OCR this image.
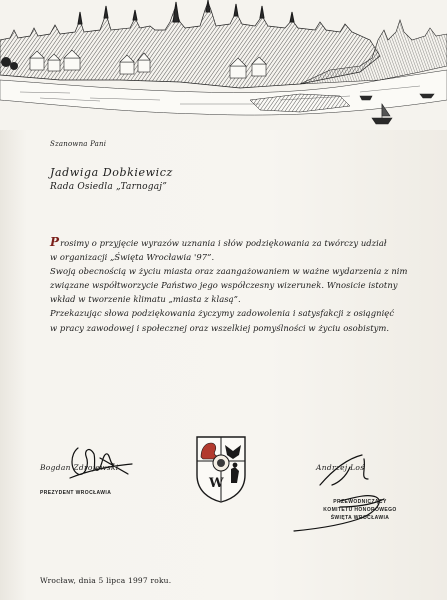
Szanowna Pani
Jadwiga Dobkiewicz
Rada Osiedla „Tarnogaj”
Prosimy o przyjęcie wyrazów uznania i słów podziękowania za twórczy udział
w organizacji „Święta Wrocławia '97”.
Swoją obecnością w życiu miasta oraz zaangażowaniem w ważne wydarzenia z nim
związane współtworzycie Państwo jego współczesny wizerunek. Wnosicie istotny
wkład w tworzenie klimatu „miasta z klasą”.
Przekazując słowa podziękowania życzymy zadowolenia i satysfakcji z osiągnięć
w pracy zawodowej i społecznej oraz wszelkiej pomyślności w życiu osobistym.
Bogdan Zdrojewski
PREZYDENT WROCŁAWIA
W
Andrzej Loś
PRZEWODNICZĄCY
KOMITETU HONOROWEGO
ŚWIĘTA WROCŁAWIA
Wrocław, dnia 5 lipca 1997 roku.
